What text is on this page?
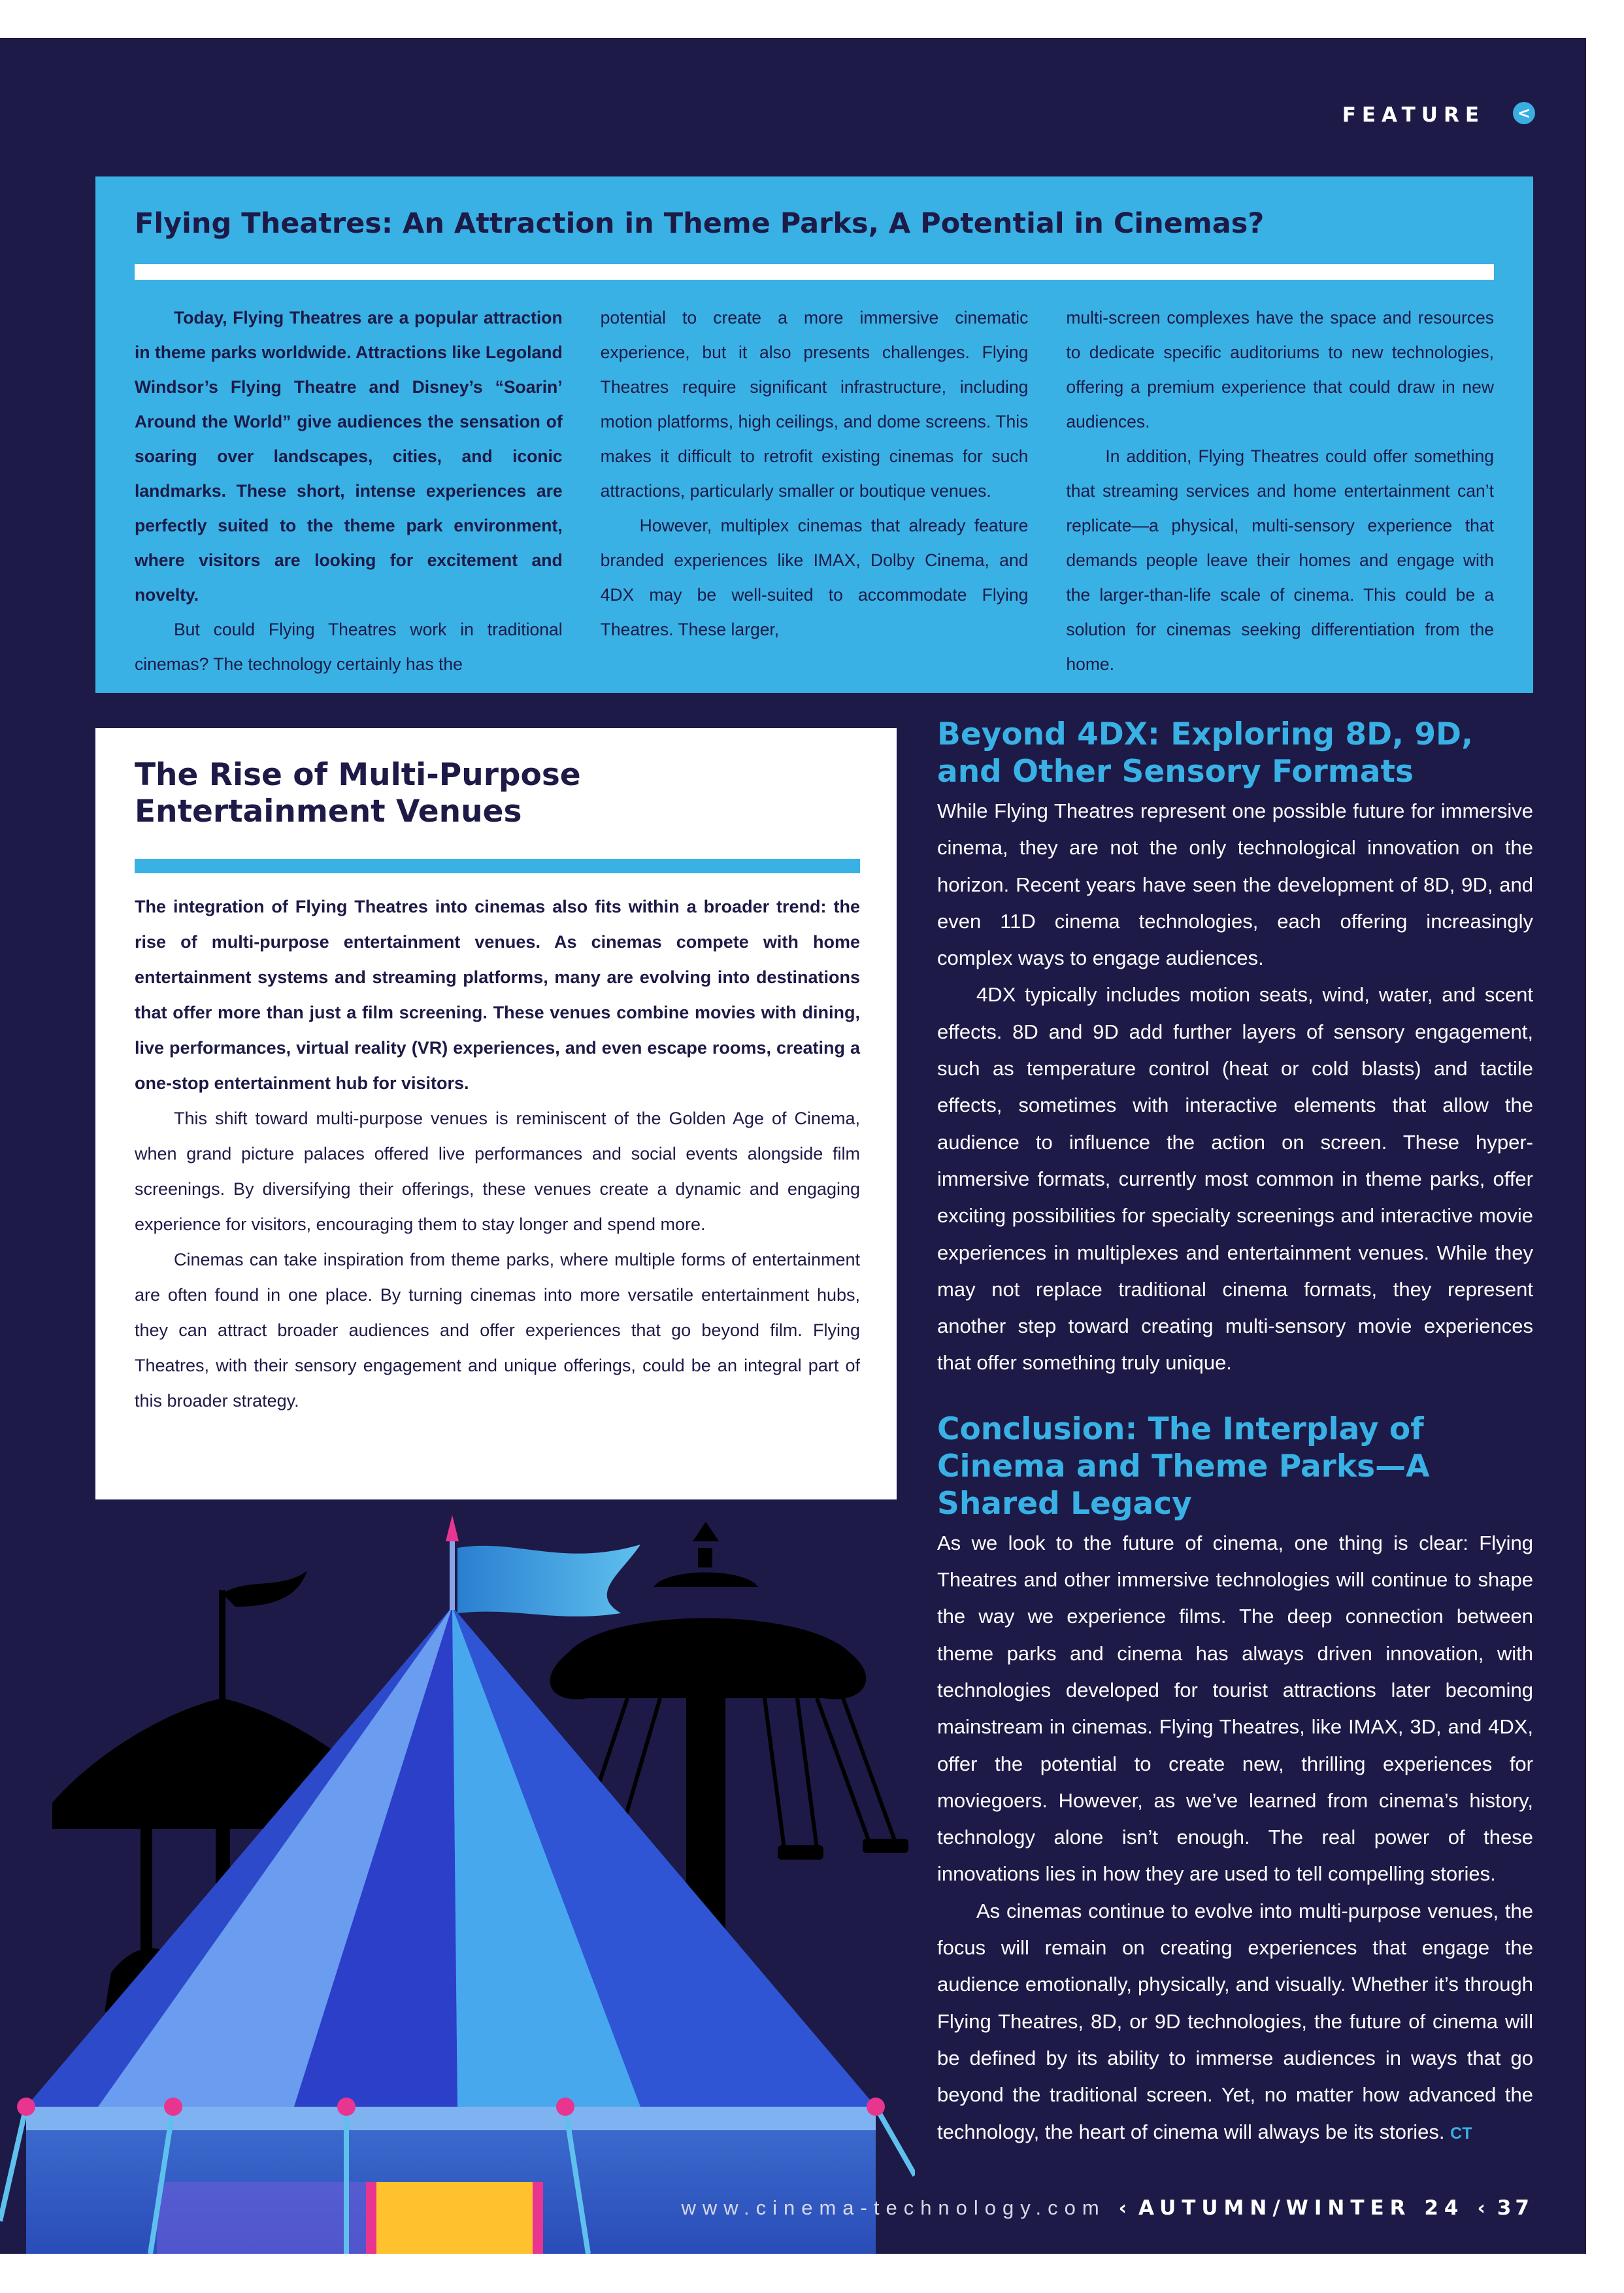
FEATURE <
Flying Theatres: An Attraction in Theme Parks, A Potential in Cinemas?

Today, Flying Theatres are a popular attraction in theme parks worldwide. Attractions like Legoland Windsor’s Flying Theatre and Disney’s “Soarin’ Around the World” give audiences the sensation of soaring over landscapes, cities, and iconic landmarks. These short, intense experiences are perfectly suited to the theme park environment, where visitors are looking for excitement and novelty.

But could Flying Theatres work in traditional cinemas? The technology certainly has the

potential to create a more immersive cinematic experience, but it also presents challenges. Flying Theatres require significant infrastructure, including motion platforms, high ceilings, and dome screens. This makes it difficult to retrofit existing cinemas for such attractions, particularly smaller or boutique venues.

However, multiplex cinemas that already feature branded experiences like IMAX, Dolby Cinema, and 4DX may be well-suited to accommodate Flying Theatres. These larger,

multi-screen complexes have the space and resources to dedicate specific auditoriums to new technologies, offering a premium experience that could draw in new audiences.

In addition, Flying Theatres could offer something that streaming services and home entertainment can’t replicate—a physical, multi-sensory experience that demands people leave their homes and engage with the larger-than-life scale of cinema. This could be a solution for cinemas seeking differentiation from the home.

The Rise of Multi-Purpose
Entertainment Venues

The integration of Flying Theatres into cinemas also fits within a broader trend: the rise of multi-purpose entertainment venues. As cinemas compete with home entertainment systems and streaming platforms, many are evolving into destinations that offer more than just a film screening. These venues combine movies with dining, live performances, virtual reality (VR) experiences, and even escape rooms, creating a one-stop entertainment hub for visitors.

This shift toward multi-purpose venues is reminiscent of the Golden Age of Cinema, when grand picture palaces offered live performances and social events alongside film screenings. By diversifying their offerings, these venues create a dynamic and engaging experience for visitors, encouraging them to stay longer and spend more.

Cinemas can take inspiration from theme parks, where multiple forms of entertainment are often found in one place. By turning cinemas into more versatile entertainment hubs, they can attract broader audiences and offer experiences that go beyond film. Flying Theatres, with their sensory engagement and unique offerings, could be an integral part of this broader strategy.

Beyond 4DX: Exploring 8D, 9D, and Other Sensory Formats

While Flying Theatres represent one possible future for immersive cinema, they are not the only technological innovation on the horizon. Recent years have seen the development of 8D, 9D, and even 11D cinema technologies, each offering increasingly complex ways to engage audiences.

4DX typically includes motion seats, wind, water, and scent effects. 8D and 9D add further layers of sensory engagement, such as temperature control (heat or cold blasts) and tactile effects, sometimes with interactive elements that allow the audience to influence the action on screen. These hyper-immersive formats, currently most common in theme parks, offer exciting possibilities for specialty screenings and interactive movie experiences in multiplexes and entertainment venues. While they may not replace traditional cinema formats, they represent another step toward creating multi-sensory movie experiences that offer something truly unique.

Conclusion: The Interplay of Cinema and Theme Parks—A Shared Legacy

As we look to the future of cinema, one thing is clear: Flying Theatres and other immersive technologies will continue to shape the way we experience films. The deep connection between theme parks and cinema has always driven innovation, with technologies developed for tourist attractions later becoming mainstream in cinemas. Flying Theatres, like IMAX, 3D, and 4DX, offer the potential to create new, thrilling experiences for moviegoers. However, as we’ve learned from cinema’s history, technology alone isn’t enough. The real power of these innovations lies in how they are used to tell compelling stories.

As cinemas continue to evolve into multi-purpose venues, the focus will remain on creating experiences that engage the audience emotionally, physically, and visually. Whether it’s through Flying Theatres, 8D, or 9D technologies, the future of cinema will be defined by its ability to immerse audiences in ways that go beyond the traditional screen. Yet, no matter how advanced the technology, the heart of cinema will always be its stories. CT

www.cinema-technology.com ‹ AUTUMN/WINTER 24 ‹ 37
